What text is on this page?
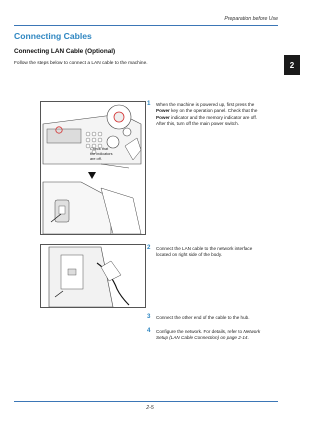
Preparation before Use
2
Connecting Cables
Connecting LAN Cable (Optional)
Follow the steps below to connect a LAN cable to the machine.
Check that
the indicators
are off.
1 When the machine is powered up, first press the
Power key on the operation panel. Check that the
Power indicator and the memory indicator are off.
After this, turn off the main power switch.
2 Connect the LAN cable to the network interface
located on right side of the body.
3 Connect the other end of the cable to the hub.
4 Configure the network. For details, refer to Network
Setup (LAN Cable Connection) on page 2-14.
2-5
